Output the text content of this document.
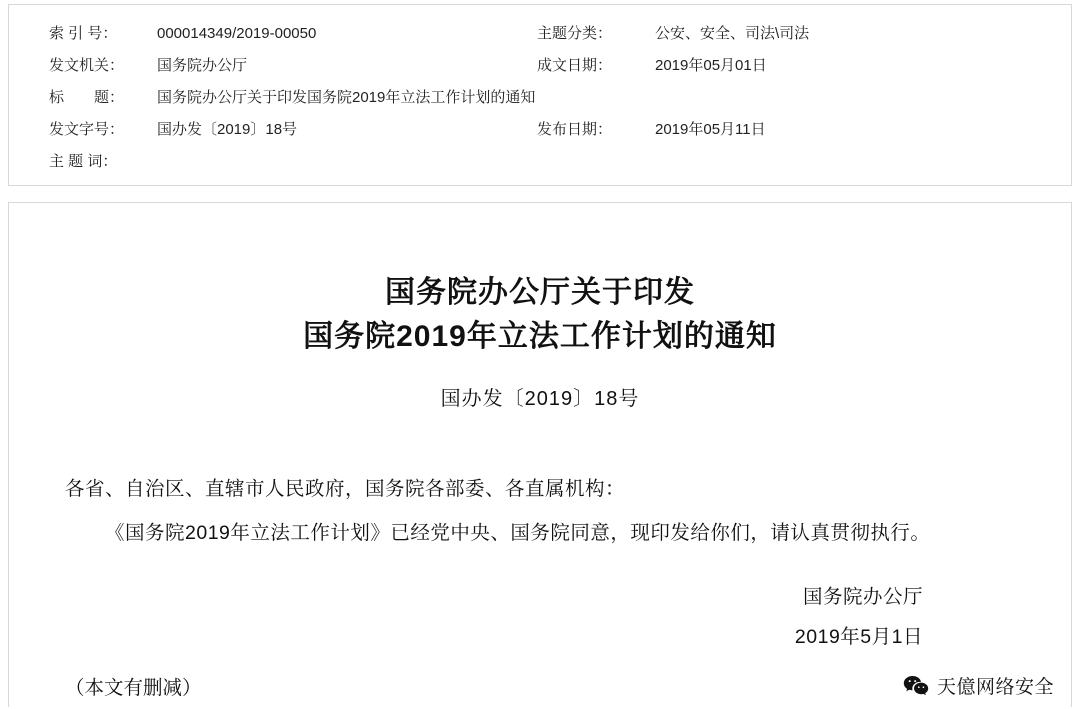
索 引 号：	000014349/2019-00050	主题分类：	公安、安全、司法\司法
发文机关：	国务院办公厅	成文日期：	2019年05月01日
标　　题：	国务院办公厅关于印发国务院2019年立法工作计划的通知
发文字号：	国办发〔2019〕18号	发布日期：	2019年05月11日
主 题 词：
国务院办公厅关于印发
国务院2019年立法工作计划的通知
国办发〔2019〕18号

各省、自治区、直辖市人民政府，国务院各部委、各直属机构：

《国务院2019年立法工作计划》已经党中央、国务院同意，现印发给你们，请认真贯彻执行。

国务院办公厅
2019年5月1日
（本文有删减）	天億网络安全
